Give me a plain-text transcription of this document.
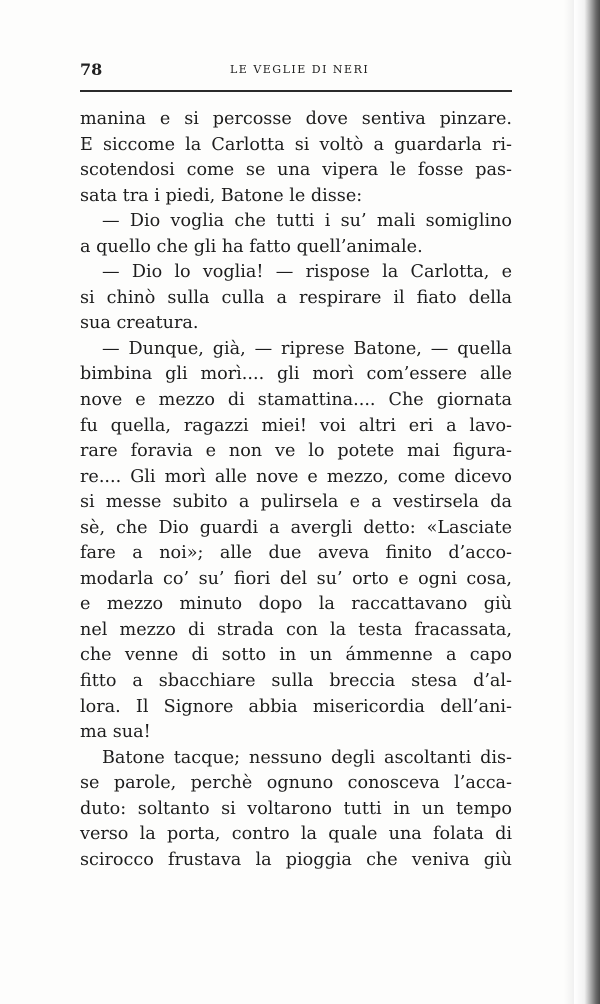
78	LE VEGLIE DI NERI
manina e si percosse dove sentiva pinzare.
E siccome la Carlotta si voltò a guardarla ri-
scotendosi come se una vipera le fosse pas-
sata tra i piedi, Batone le disse:
— Dio voglia che tutti i su’ mali somiglino
a quello che gli ha fatto quell’animale.
— Dio lo voglia! — rispose la Carlotta, e
si chinò sulla culla a respirare il fiato della
sua creatura.
— Dunque, già, — riprese Batone, — quella
bimbina gli morì.... gli morì com’essere alle
nove e mezzo di stamattina.... Che giornata
fu quella, ragazzi miei! voi altri eri a lavo-
rare foravia e non ve lo potete mai figura-
re.... Gli morì alle nove e mezzo, come dicevo
si messe subito a pulirsela e a vestirsela da
sè, che Dio guardi a avergli detto: «Lasciate
fare a noi»; alle due aveva finito d’acco-
modarla co’ su’ fiori del su’ orto e ogni cosa,
e mezzo minuto dopo la raccattavano giù
nel mezzo di strada con la testa fracassata,
che venne di sotto in un ámmenne a capo
fitto a sbacchiare sulla breccia stesa d’al-
lora. Il Signore abbia misericordia dell’ani-
ma sua!
Batone tacque; nessuno degli ascoltanti dis-
se parole, perchè ognuno conosceva l’acca-
duto: soltanto si voltarono tutti in un tempo
verso la porta, contro la quale una folata di
scirocco frustava la pioggia che veniva giù
